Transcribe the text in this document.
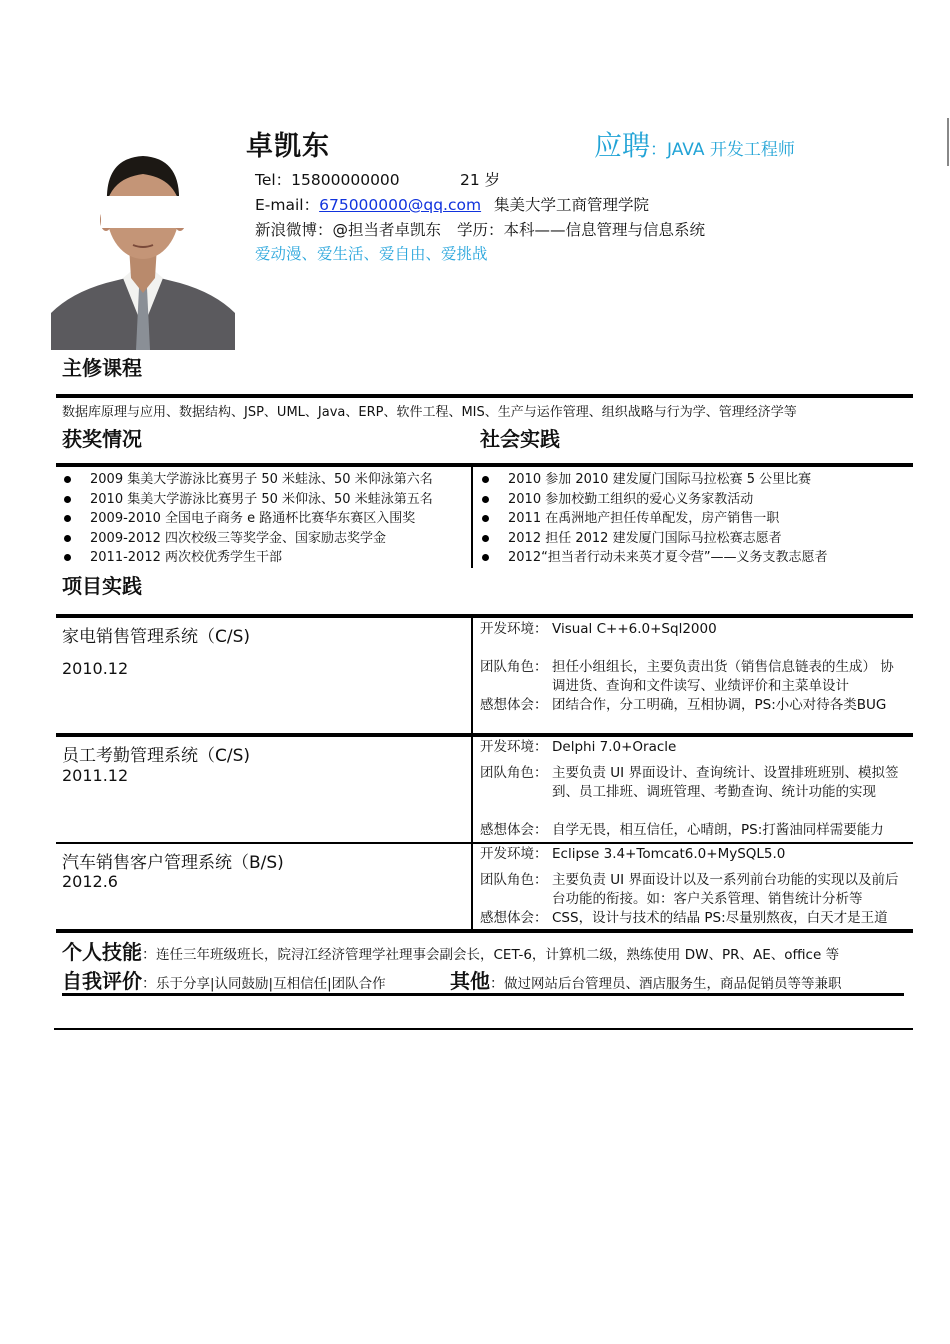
卓凯东	应聘：JAVA 开发工程师
Tel：15800000000	21 岁
E-mail：675000000@qq.com 集美大学工商管理学院
新浪微博：@担当者卓凯东 学历：本科——信息管理与信息系统
爱动漫、爱生活、爱自由、爱挑战
主修课程
数据库原理与应用、数据结构、JSP、UML、Java、ERP、软件工程、MIS、生产与运作管理、组织战略与行为学、管理经济学等
获奖情况	社会实践
2009 集美大学游泳比赛男子 50 米蛙泳、50 米仰泳第六名
2010 集美大学游泳比赛男子 50 米仰泳、50 米蛙泳第五名
2009-2010 全国电子商务 e 路通杯比赛华东赛区入围奖
2009-2012 四次校级三等奖学金、国家励志奖学金
2011-2012 两次校优秀学生干部
2010 参加 2010 建发厦门国际马拉松赛 5 公里比赛
2010 参加校勤工组织的爱心义务家教活动
2011 在禹洲地产担任传单配发，房产销售一职
2012 担任 2012 建发厦门国际马拉松赛志愿者
2012“担当者行动未来英才夏令营”——义务支教志愿者
项目实践
家电销售管理系统（C/S)
2010.12
开发环境： Visual C++6.0+Sql2000
团队角色： 担任小组组长，主要负责出货（销售信息链表的生成） 协调进货、查询和文件读写、业绩评价和主菜单设计
感想体会： 团结合作，分工明确，互相协调，PS:小心对待各类BUG
员工考勤管理系统（C/S)
2011.12
开发环境： Delphi 7.0+Oracle
团队角色： 主要负责 UI 界面设计、查询统计、设置排班班别、模拟签到、员工排班、调班管理、考勤查询、统计功能的实现
感想体会： 自学无畏，相互信任，心晴朗，PS:打酱油同样需要能力
汽车销售客户管理系统（B/S)
2012.6
开发环境： Eclipse 3.4+Tomcat6.0+MySQL5.0
团队角色： 主要负责 UI 界面设计以及一系列前台功能的实现以及前后台功能的衔接。如：客户关系管理、销售统计分析等
感想体会： CSS，设计与技术的结晶 PS:尽量别熬夜，白天才是王道
个人技能：连任三年班级班长，院浔江经济管理学社理事会副会长，CET-6，计算机二级，熟练使用 DW、PR、AE、office 等
自我评价：乐于分享|认同鼓励|互相信任|团队合作	其他：做过网站后台管理员、酒店服务生，商品促销员等等兼职
